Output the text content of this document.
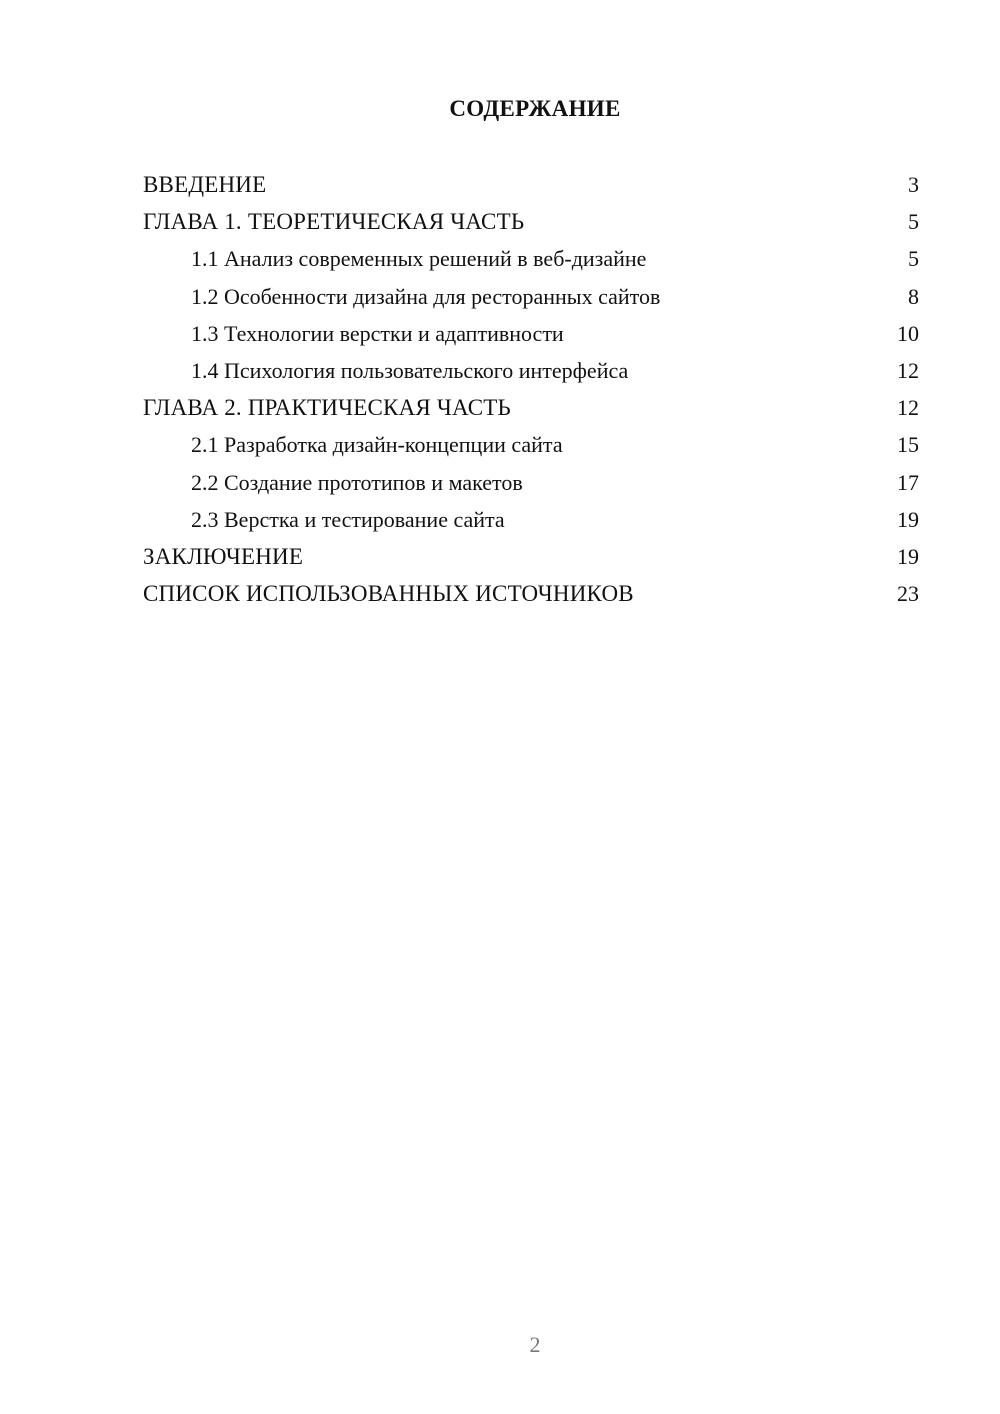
СОДЕРЖАНИЕ
ВВЕДЕНИЕ	3
ГЛАВА 1. ТЕОРЕТИЧЕСКАЯ ЧАСТЬ	5
1.1 Анализ современных решений в веб-дизайне	5
1.2 Особенности дизайна для ресторанных сайтов	8
1.3 Технологии верстки и адаптивности	10
1.4 Психология пользовательского интерфейса	12
ГЛАВА 2. ПРАКТИЧЕСКАЯ ЧАСТЬ	12
2.1 Разработка дизайн-концепции сайта	15
2.2 Создание прототипов и макетов	17
2.3 Верстка и тестирование сайта	19
ЗАКЛЮЧЕНИЕ	19
СПИСОК ИСПОЛЬЗОВАННЫХ ИСТОЧНИКОВ	23
2
